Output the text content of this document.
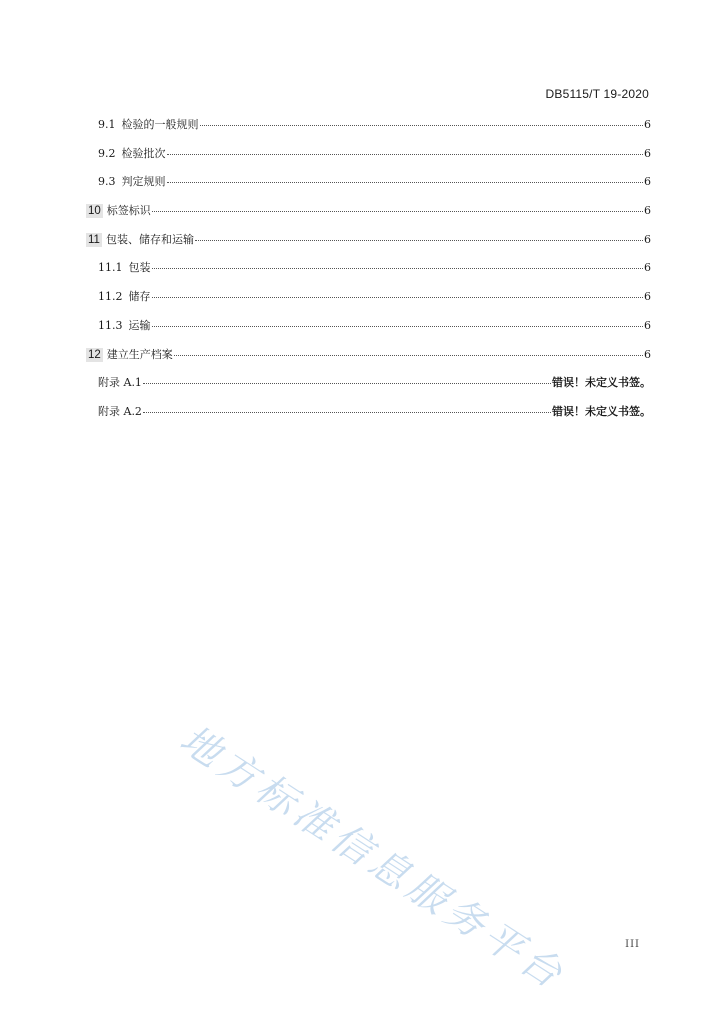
DB5115/T 19-2020
9.1 检验的一般规则	6
9.2 检验批次	6
9.3 判定规则	6
10 标签标识	6
11 包装、储存和运输	6
11.1 包装	6
11.2 储存	6
11.3 运输	6
12 建立生产档案	6
附录 A.1	错误！未定义书签。
附录 A.2	错误！未定义书签。
地方标准信息服务平台	III
